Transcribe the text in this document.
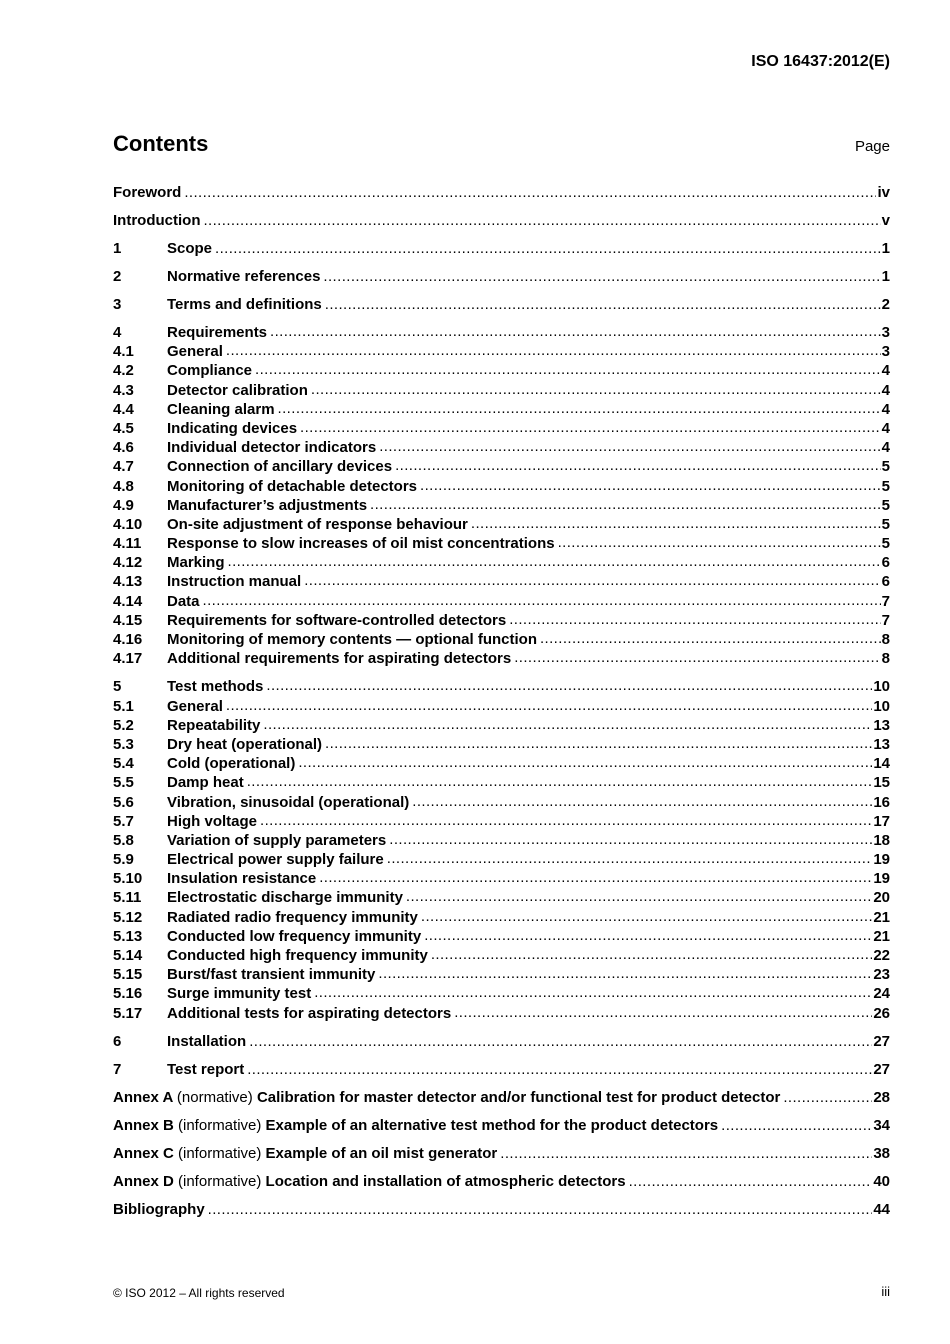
ISO 16437:2012(E)
Contents	Page
Foreword .....	iv
Introduction .....	v
1	Scope .....	1
2	Normative references .....	1
3	Terms and definitions .....	2
4	Requirements .....	3
4.1	General .....	3
4.2	Compliance .....	4
4.3	Detector calibration .....	4
4.4	Cleaning alarm .....	4
4.5	Indicating devices .....	4
4.6	Individual detector indicators .....	4
4.7	Connection of ancillary devices .....	5
4.8	Monitoring of detachable detectors .....	5
4.9	Manufacturer’s adjustments .....	5
4.10	On-site adjustment of response behaviour .....	5
4.11	Response to slow increases of oil mist concentrations .....	5
4.12	Marking .....	6
4.13	Instruction manual .....	6
4.14	Data .....	7
4.15	Requirements for software-controlled detectors .....	7
4.16	Monitoring of memory contents — optional function .....	8
4.17	Additional requirements for aspirating detectors .....	8
5	Test methods .....	10
5.1	General .....	10
5.2	Repeatability .....	13
5.3	Dry heat (operational) .....	13
5.4	Cold (operational) .....	14
5.5	Damp heat .....	15
5.6	Vibration, sinusoidal (operational) .....	16
5.7	High voltage .....	17
5.8	Variation of supply parameters .....	18
5.9	Electrical power supply failure .....	19
5.10	Insulation resistance .....	19
5.11	Electrostatic discharge immunity .....	20
5.12	Radiated radio frequency immunity .....	21
5.13	Conducted low frequency immunity .....	21
5.14	Conducted high frequency immunity .....	22
5.15	Burst/fast transient immunity .....	23
5.16	Surge immunity test .....	24
5.17	Additional tests for aspirating detectors .....	26
6	Installation .....	27
7	Test report .....	27
Annex A (normative) Calibration for master detector and/or functional test for product detector .....	28
Annex B (informative) Example of an alternative test method for the product detectors .....	34
Annex C (informative) Example of an oil mist generator .....	38
Annex D (informative) Location and installation of atmospheric detectors .....	40
Bibliography .....	44
© ISO 2012 – All rights reserved	iii
